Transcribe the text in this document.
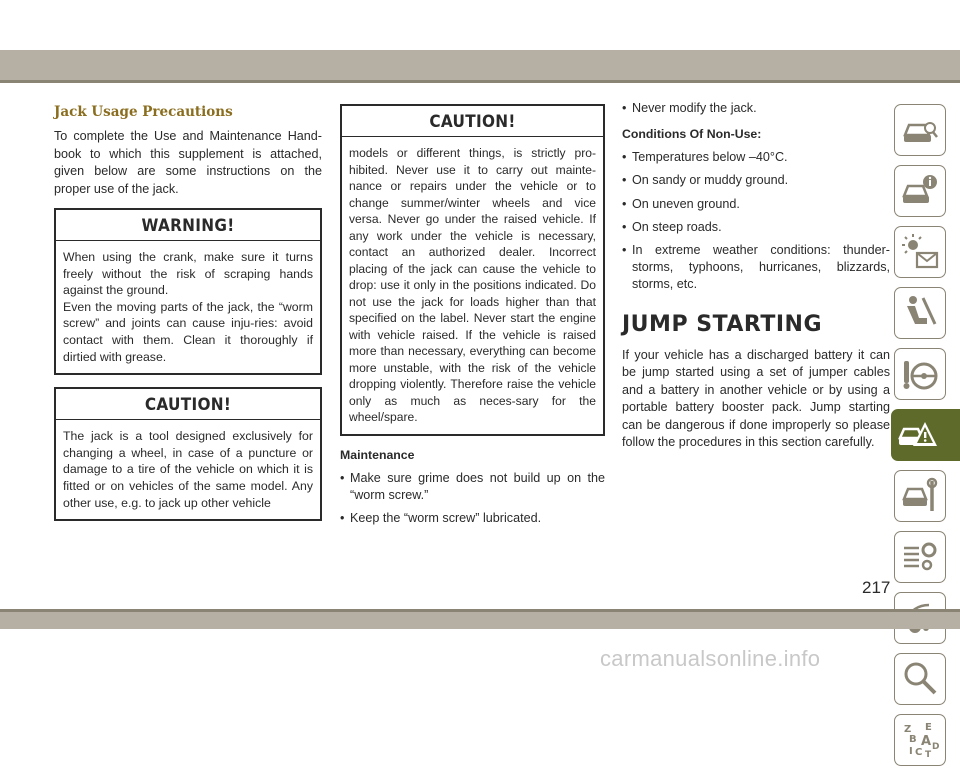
Jack Usage Precautions

To complete the Use and Maintenance Hand-book to which this supplement is attached, given below are some instructions on the proper use of the jack.

WARNING!

When using the crank, make sure it turns freely without the risk of scraping hands against the ground.

Even the moving parts of the jack, the “worm screw” and joints can cause inju-ries: avoid contact with them. Clean it thoroughly if dirtied with grease.

CAUTION!

The jack is a tool designed exclusively for changing a wheel, in case of a puncture or damage to a tire of the vehicle on which it is fitted or on vehicles of the same model. Any other use, e.g. to jack up other vehicle

CAUTION!

models or different things, is strictly pro-hibited. Never use it to carry out mainte-nance or repairs under the vehicle or to change summer/winter wheels and vice versa. Never go under the raised vehicle. If any work under the vehicle is necessary, contact an authorized dealer. Incorrect placing of the jack can cause the vehicle to drop: use it only in the positions indicated. Do not use the jack for loads higher than that specified on the label. Never start the engine with vehicle raised. If the vehicle is raised more than necessary, everything can become more unstable, with the risk of the vehicle dropping violently. Therefore raise the vehicle only as much as neces-sary for the wheel/spare.

Maintenance
• Make sure grime does not build up on the “worm screw.”
• Keep the “worm screw” lubricated.
• Never modify the jack.
Conditions Of Non-Use:
• Temperatures below –40°C.
• On sandy or muddy ground.
• On uneven ground.
• On steep roads.
• In extreme weather conditions: thunder-storms, typhoons, hurricanes, blizzards, storms, etc.
JUMP STARTING

If your vehicle has a discharged battery it can be jump started using a set of jumper cables and a battery in another vehicle or by using a portable battery booster pack. Jump starting can be dangerous if done improperly so please follow the procedures in this section carefully.

Z E
B A D
I C T
217
carmanualsonline.info
